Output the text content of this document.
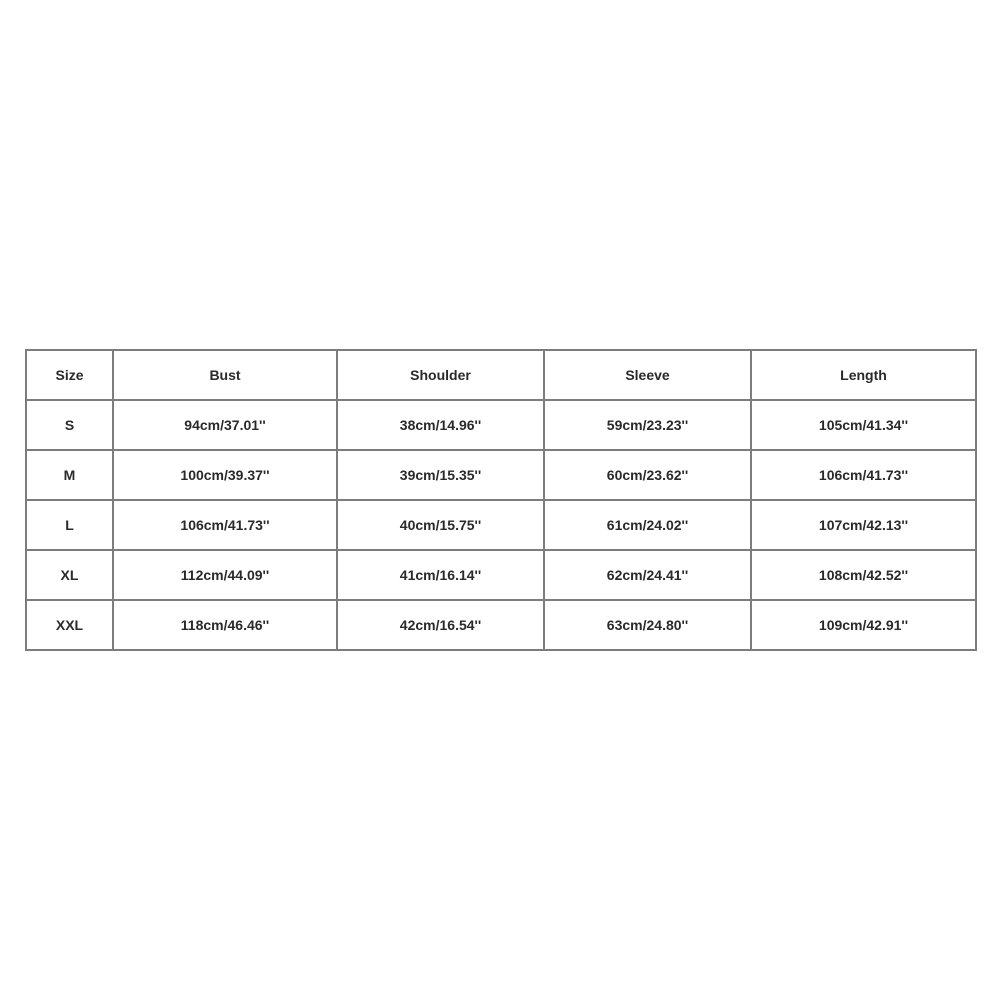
Size	Bust	Shoulder	Sleeve	Length
S	94cm/37.01''	38cm/14.96''	59cm/23.23''	105cm/41.34''
M	100cm/39.37''	39cm/15.35''	60cm/23.62''	106cm/41.73''
L	106cm/41.73''	40cm/15.75''	61cm/24.02''	107cm/42.13''
XL	112cm/44.09''	41cm/16.14''	62cm/24.41''	108cm/42.52''
XXL	118cm/46.46''	42cm/16.54''	63cm/24.80''	109cm/42.91''
